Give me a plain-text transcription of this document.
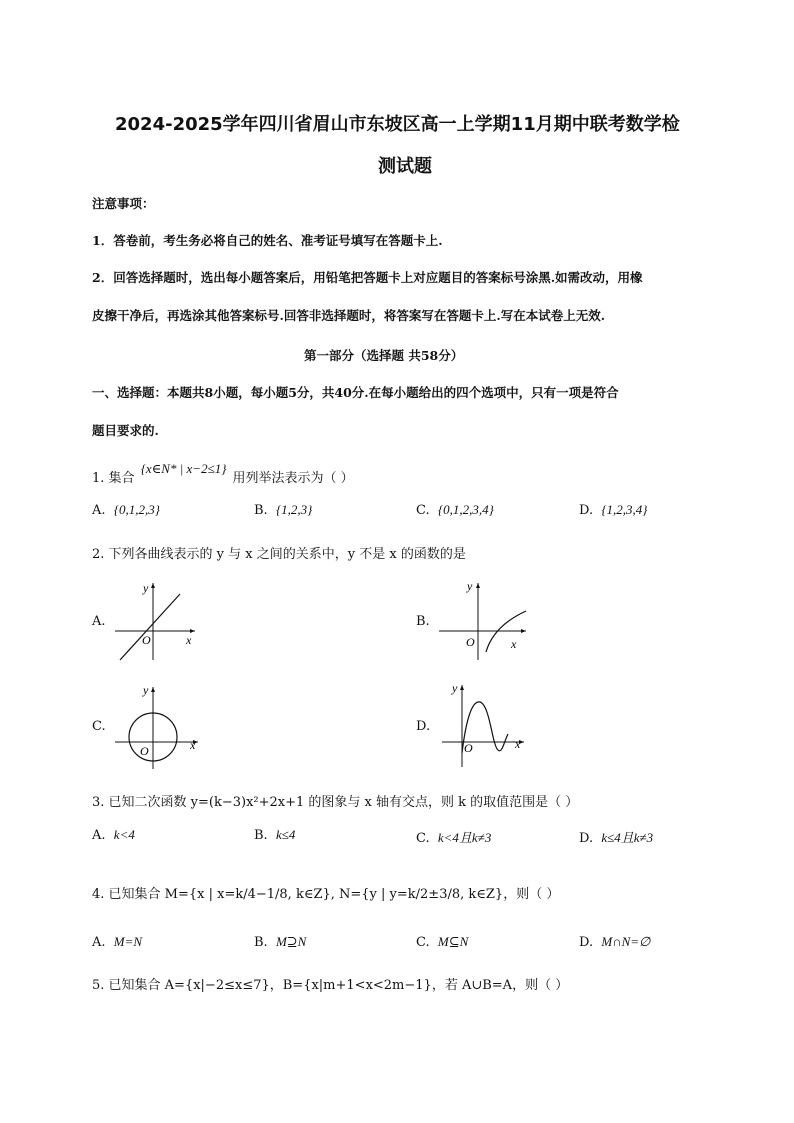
2024-2025学年四川省眉山市东坡区高一上学期11月期中联考数学检
测试题
注意事项：
1．答卷前，考生务必将自己的姓名、准考证号填写在答题卡上.
2．回答选择题时，选出每小题答案后，用铅笔把答题卡上对应题目的答案标号涂黑.如需改动，用橡
皮擦干净后，再选涂其他答案标号.回答非选择题时，将答案写在答题卡上.写在本试卷上无效.
第一部分（选择题 共58分）
一、选择题：本题共8小题，每小题5分，共40分.在每小题给出的四个选项中，只有一项是符合
题目要求的.
1. 集合 {x∈N* | x−2≤1} 用列举法表示为（ ）
A. {0,1,2,3}	B. {1,2,3}	C. {0,1,2,3,4}	D. {1,2,3,4}
2. 下列各曲线表示的 y 与 x 之间的关系中，y 不是 x 的函数的是
A.
O	x
y
B.
O	x
y
C.
O	x
y
D.
O	x
y
3. 已知二次函数 y=(k−3)x²+2x+1 的图象与 x 轴有交点，则 k 的取值范围是（ ）
A. k<4	B. k≤4	C. k<4且k≠3	D. k≤4且k≠3
4. 已知集合 M={x | x=k/4−1/8, k∈Z}, N={y | y=k/2±3/8, k∈Z}，则（ ）
A. M=N	B. M⊇N	C. M⊆N	D. M∩N=∅
5. 已知集合 A={x|−2≤x≤7}，B={x|m+1<x<2m−1}，若 A∪B=A，则（ ）
